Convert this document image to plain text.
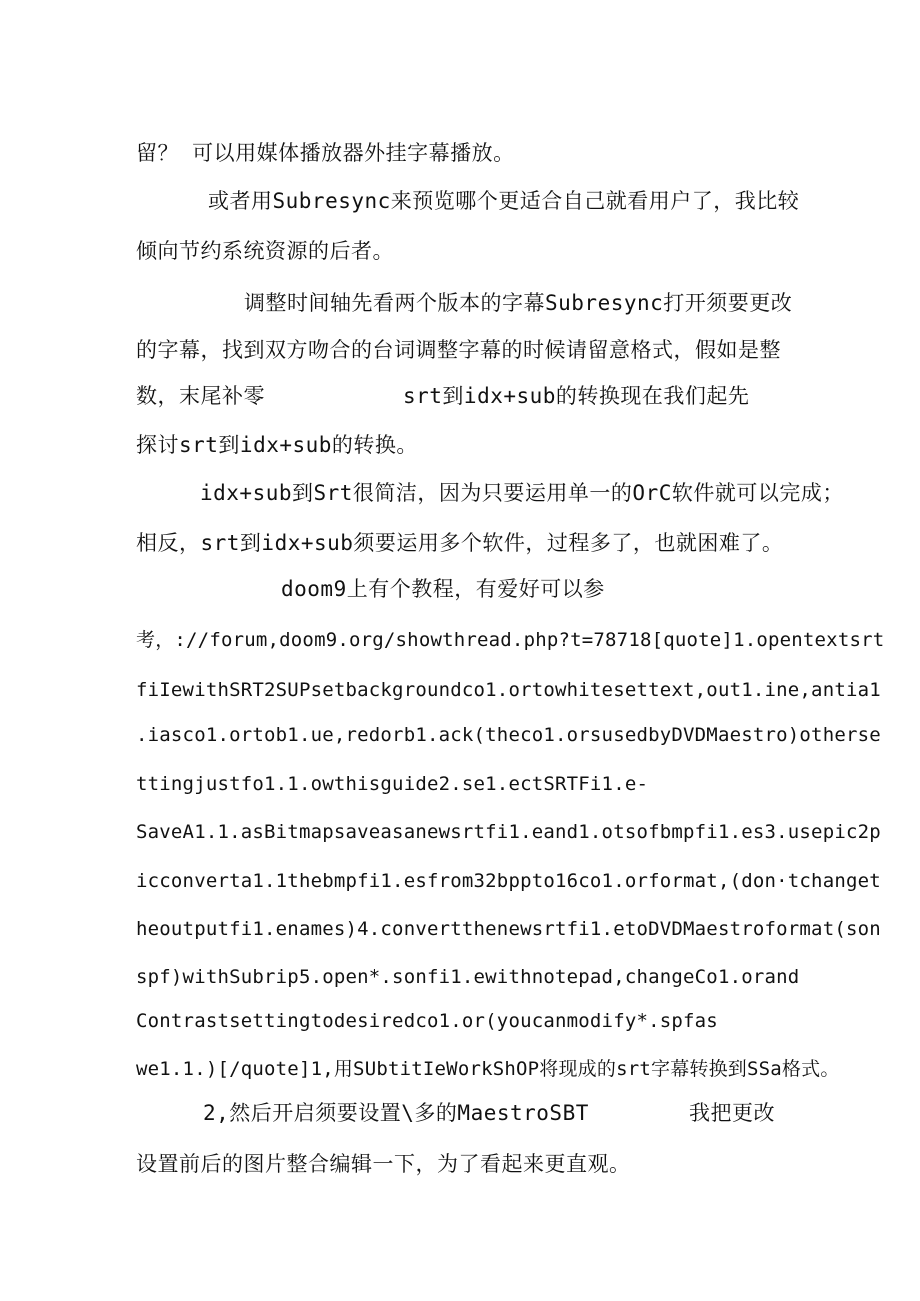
留？ 可以用媒体播放器外挂字幕播放。
或者用Subresync来预览哪个更适合自己就看用户了，我比较
倾向节约系统资源的后者。
调整时间轴先看两个版本的字幕Subresync打开须要更改
的字幕，找到双方吻合的台词调整字幕的时候请留意格式，假如是整
数，末尾补零	srt到idx+sub的转换现在我们起先
探讨srt到idx+sub的转换。
idx+sub到Srt很简洁，因为只要运用单一的OrC软件就可以完成；
相反，srt到idx+sub须要运用多个软件，过程多了，也就困难了。
doom9上有个教程，有爱好可以参
考，://forum,doom9.org/showthread.php?t=78718[quote]1.opentextsrt
fiIewithSRT2SUPsetbackgroundco1.ortowhitesettext,out1.ine,antia1
.iasco1.ortob1.ue,redorb1.ack(theco1.orsusedbyDVDMaestro)otherse
ttingjustfo1.1.owthisguide2.se1.ectSRTFi1.e-
SaveA1.1.asBitmapsaveasanewsrtfi1.eand1.otsofbmpfi1.es3.usepic2p
icconverta1.1thebmpfi1.esfrom32bppto16co1.orformat,(don·tchanget
heoutputfi1.enames)4.convertthenewsrtfi1.etoDVDMaestroformat(son
spf)withSubrip5.open*.sonfi1.ewithnotepad,changeCo1.orand
Contrastsettingtodesiredco1.or(youcanmodify*.spfas
we1.1.)[/quote]1,用SUbtitIeWorkShOP将现成的srt字幕转换到SSa格式。
2,然后开启须要设置\多的MaestroSBT	我把更改
设置前后的图片整合编辑一下，为了看起来更直观。
